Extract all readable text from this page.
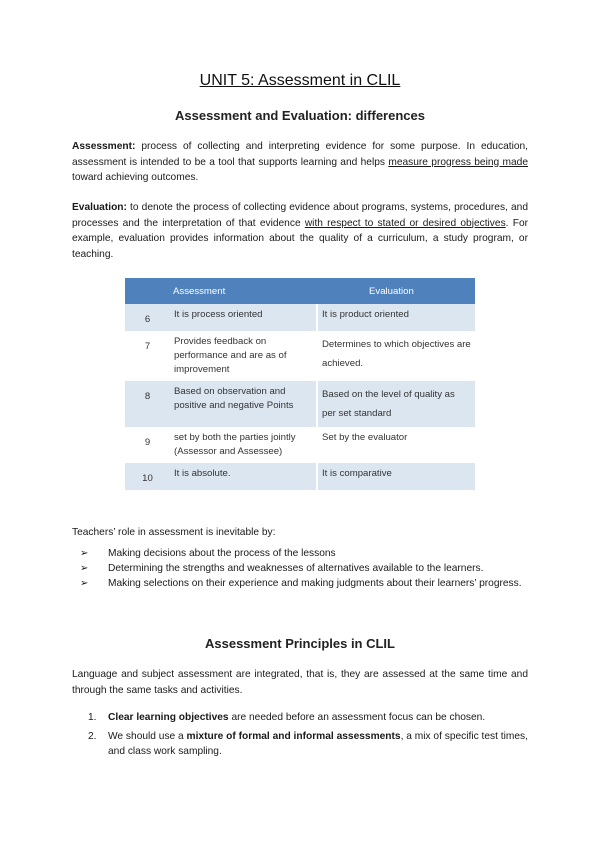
UNIT 5: Assessment in CLIL
Assessment and Evaluation: differences

Assessment: process of collecting and interpreting evidence for some purpose. In education, assessment is intended to be a tool that supports learning and helps measure progress being made toward achieving outcomes.

Evaluation: to denote the process of collecting evidence about programs, systems, procedures, and processes and the interpretation of that evidence with respect to stated or desired objectives. For example, evaluation provides information about the quality of a curriculum, a study program, or teaching.

Assessment		Evaluation
6	It is process oriented	It is product oriented
7	Provides feedback on performance and are as of improvement	Determines to which objectives are achieved.
8	Based on observation and positive and negative Points	Based on the level of quality as per set standard
9	set by both the parties jointly (Assessor and Assessee)	Set by the evaluator
10	It is absolute.	It is comparative

Teachers’ role in assessment is inevitable by:

➢ Making decisions about the process of the lessons
➢ Determining the strengths and weaknesses of alternatives available to the learners.
➢ Making selections on their experience and making judgments about their learners’ progress.
Assessment Principles in CLIL

Language and subject assessment are integrated, that is, they are assessed at the same time and through the same tasks and activities.

1. Clear learning objectives are needed before an assessment focus can be chosen.
2. We should use a mixture of formal and informal assessments, a mix of specific test times, and class work sampling.
